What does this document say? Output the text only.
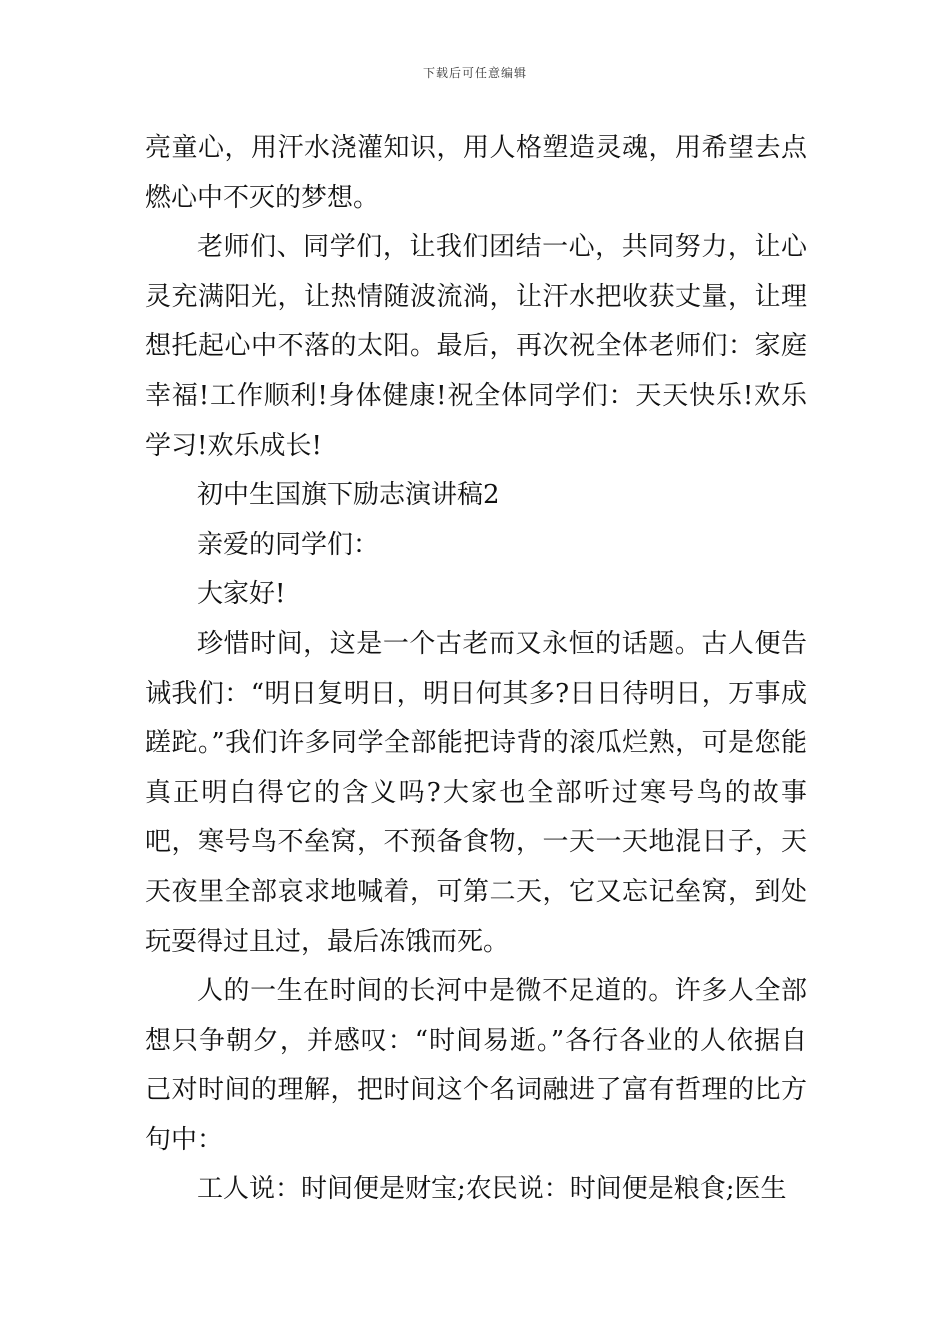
下载后可任意编辑

亮童心，用汗水浇灌知识，用人格塑造灵魂，用希望去点燃心中不灭的梦想。

老师们、同学们，让我们团结一心，共同努力，让心灵充满阳光，让热情随波流淌，让汗水把收获丈量，让理想托起心中不落的太阳。最后，再次祝全体老师们：家庭幸福!工作顺利!身体健康!祝全体同学们：天天快乐!欢乐学习!欢乐成长!

初中生国旗下励志演讲稿2

亲爱的同学们：

大家好!

珍惜时间，这是一个古老而又永恒的话题。古人便告诫我们：“明日复明日，明日何其多?日日待明日，万事成蹉跎。”我们许多同学全部能把诗背的滚瓜烂熟，可是您能真正明白得它的含义吗?大家也全部听过寒号鸟的故事吧，寒号鸟不垒窝，不预备食物，一天一天地混日子，天天夜里全部哀求地喊着，可第二天，它又忘记垒窝，到处玩耍得过且过，最后冻饿而死。

人的一生在时间的长河中是微不足道的。许多人全部想只争朝夕，并感叹：“时间易逝。”各行各业的人依据自己对时间的理解，把时间这个名词融进了富有哲理的比方句中：

工人说：时间便是财宝;农民说：时间便是粮食;医生
